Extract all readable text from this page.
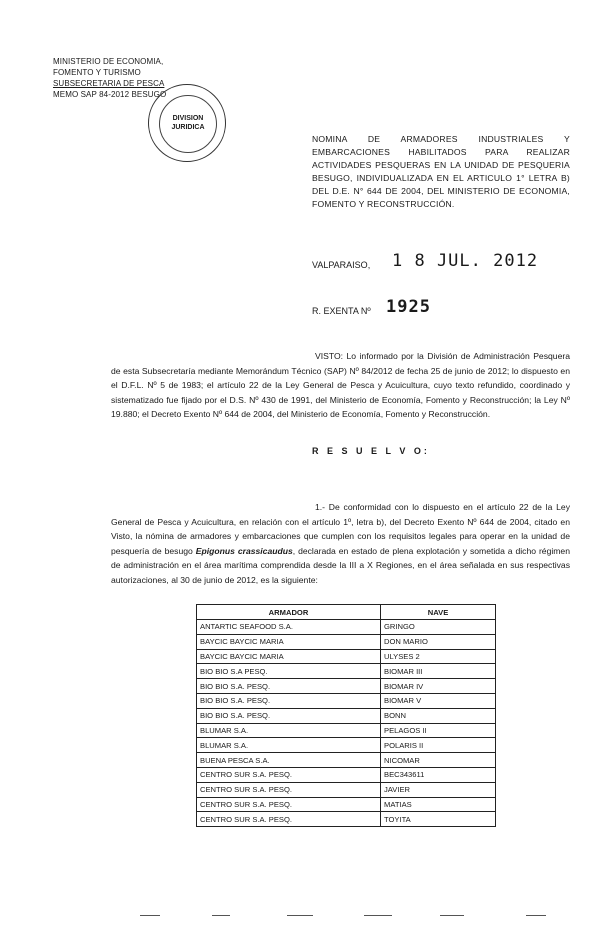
MINISTERIO DE ECONOMIA,
FOMENTO Y TURISMO
SUBSECRETARIA DE PESCA
MEMO SAP 84-2012 BESUGO
DIVISION
JURIDICA
NOMINA DE ARMADORES INDUSTRIALES Y EMBARCACIONES HABILITADOS PARA REALIZAR ACTIVIDADES PESQUERAS EN LA UNIDAD DE PESQUERIA BESUGO, INDIVIDUALIZADA EN EL ARTICULO 1° LETRA B) DEL D.E. N° 644 DE 2004, DEL MINISTERIO DE ECONOMIA, FOMENTO Y RECONSTRUCCIÓN.
VALPARAISO, 1 8 JUL. 2012
R. EXENTA Nº 1925
VISTO: Lo informado por la División de Administración Pesquera de esta Subsecretaría mediante Memorándum Técnico (SAP) Nº 84/2012 de fecha 25 de junio de 2012; lo dispuesto en el D.F.L. Nº 5 de 1983; el artículo 22 de la Ley General de Pesca y Acuicultura, cuyo texto refundido, coordinado y sistematizado fue fijado por el D.S. Nº 430 de 1991, del Ministerio de Economía, Fomento y Reconstrucción; la Ley Nº 19.880; el Decreto Exento Nº 644 de 2004, del Ministerio de Economía, Fomento y Reconstrucción.
R E S U E L V O:
1.- De conformidad con lo dispuesto en el artículo 22 de la Ley General de Pesca y Acuicultura, en relación con el artículo 1º, letra b), del Decreto Exento Nº 644 de 2004, citado en Visto, la nómina de armadores y embarcaciones que cumplen con los requisitos legales para operar en la unidad de pesquería de besugo Epigonus crassicaudus, declarada en estado de plena explotación y sometida a dicho régimen de administración en el área marítima comprendida desde la III a X Regiones, en el área señalada en sus respectivas autorizaciones, al 30 de junio de 2012, es la siguiente:
ARMADOR	NAVE
ANTARTIC SEAFOOD S.A.	GRINGO
BAYCIC BAYCIC MARIA	DON MARIO
BAYCIC BAYCIC MARIA	ULYSES 2
BIO BIO S.A PESQ.	BIOMAR III
BIO BIO S.A. PESQ.	BIOMAR IV
BIO BIO S.A. PESQ.	BIOMAR V
BIO BIO S.A. PESQ.	BONN
BLUMAR S.A.	PELAGOS II
BLUMAR S.A.	POLARIS II
BUENA PESCA S.A.	NICOMAR
CENTRO SUR S.A. PESQ.	BEC343611
CENTRO SUR S.A. PESQ.	JAVIER
CENTRO SUR S.A. PESQ.	MATIAS
CENTRO SUR S.A. PESQ.	TOYITA
